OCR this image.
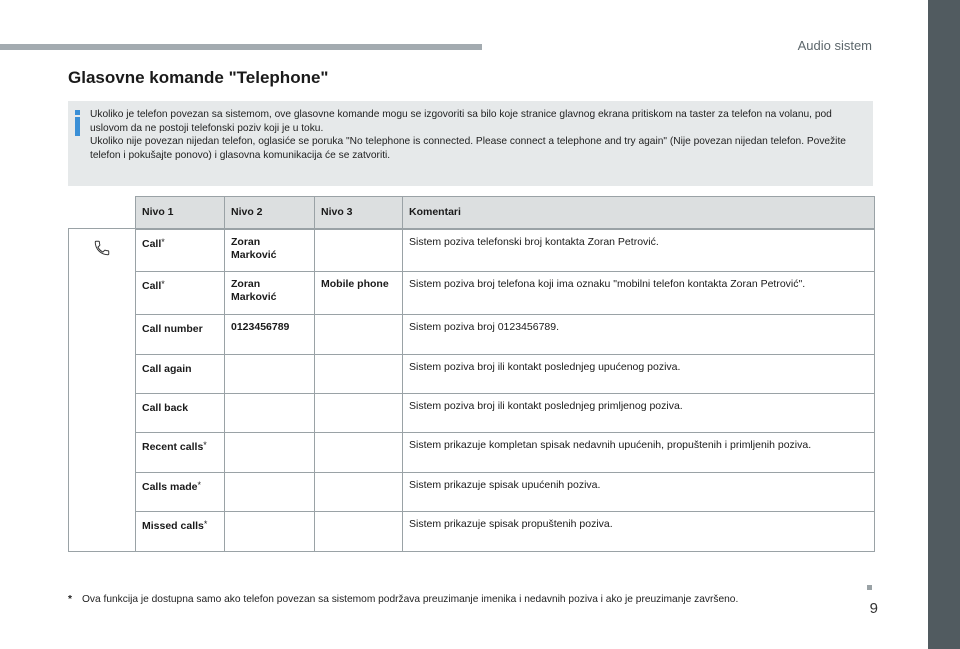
Audio sistem
Glasovne komande "Telephone"

Ukoliko je telefon povezan sa sistemom, ove glasovne komande mogu se izgovoriti sa bilo koje stranice glavnog ekrana pritiskom na taster za telefon na volanu, pod uslovom da ne postoji telefonski poziv koji je u toku.

Ukoliko nije povezan nijedan telefon, oglasiće se poruka "No telephone is connected. Please connect a telephone and try again" (Nije povezan nijedan telefon. Povežite telefon i pokušajte ponovo) i glasovna komunikacija će se zatvoriti.

	Nivo 1	Nivo 2	Nivo 3	Komentari
	Call*	Zoran Marković		Sistem poziva telefonski broj kontakta Zoran Petrović.
	Call*	Zoran Marković	Mobile phone	Sistem poziva broj telefona koji ima oznaku "mobilni telefon kontakta Zoran Petrović".
	Call number	0123456789		Sistem poziva broj 0123456789.
	Call again			Sistem poziva broj ili kontakt poslednjeg upućenog poziva.
	Call back			Sistem poziva broj ili kontakt poslednjeg primljenog poziva.
	Recent calls*			Sistem prikazuje kompletan spisak nedavnih upućenih, propuštenih i primljenih poziva.
	Calls made*			Sistem prikazuje spisak upućenih poziva.
	Missed calls*			Sistem prikazuje spisak propuštenih poziva.
* Ova funkcija je dostupna samo ako telefon povezan sa sistemom podržava preuzimanje imenika i nedavnih poziva i ako je preuzimanje završeno.
9
